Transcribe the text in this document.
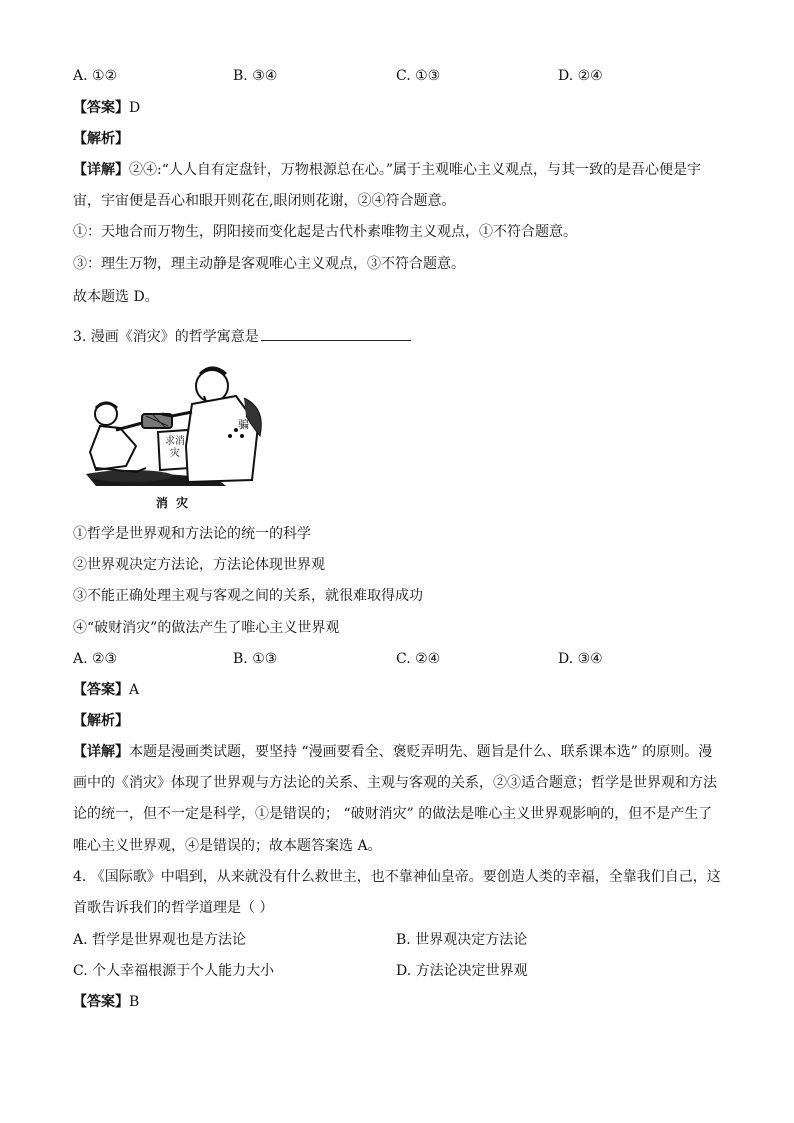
A. ①②	B. ③④	C. ①③	D. ②④
【答案】D
【解析】
【详解】②④:“人人自有定盘针，万物根源总在心。”属于主观唯心主义观点，与其一致的是吾心便是宇
宙，宇宙便是吾心和眼开则花在,眼闭则花谢，②④符合题意。
①：天地合而万物生，阴阳接而变化起是古代朴素唯物主义观点，①不符合题意。
③：理生万物，理主动静是客观唯心主义观点，③不符合题意。
故本题选 D。
3. 漫画《消灾》的哲学寓意是
求消灾
骗
消  灾
①哲学是世界观和方法论的统一的科学
②世界观决定方法论，方法论体现世界观
③不能正确处理主观与客观之间的关系，就很难取得成功
④“破财消灾”的做法产生了唯心主义世界观
A. ②③	B. ①③	C. ②④	D. ③④
【答案】A
【解析】
【详解】本题是漫画类试题，要坚持 “漫画要看全、褒贬弄明先、题旨是什么、联系课本选” 的原则。漫
画中的《消灾》体现了世界观与方法论的关系、主观与客观的关系，②③适合题意；哲学是世界观和方法
论的统一，但不一定是科学，①是错误的； “破财消灾” 的做法是唯心主义世界观影响的，但不是产生了
唯心主义世界观，④是错误的；故本题答案选 A。
4. 《国际歌》中唱到，从来就没有什么救世主，也不靠神仙皇帝。要创造人类的幸福，全靠我们自己，这
首歌告诉我们的哲学道理是（ ）
A. 哲学是世界观也是方法论	B. 世界观决定方法论
C. 个人幸福根源于个人能力大小	D. 方法论决定世界观
【答案】B
